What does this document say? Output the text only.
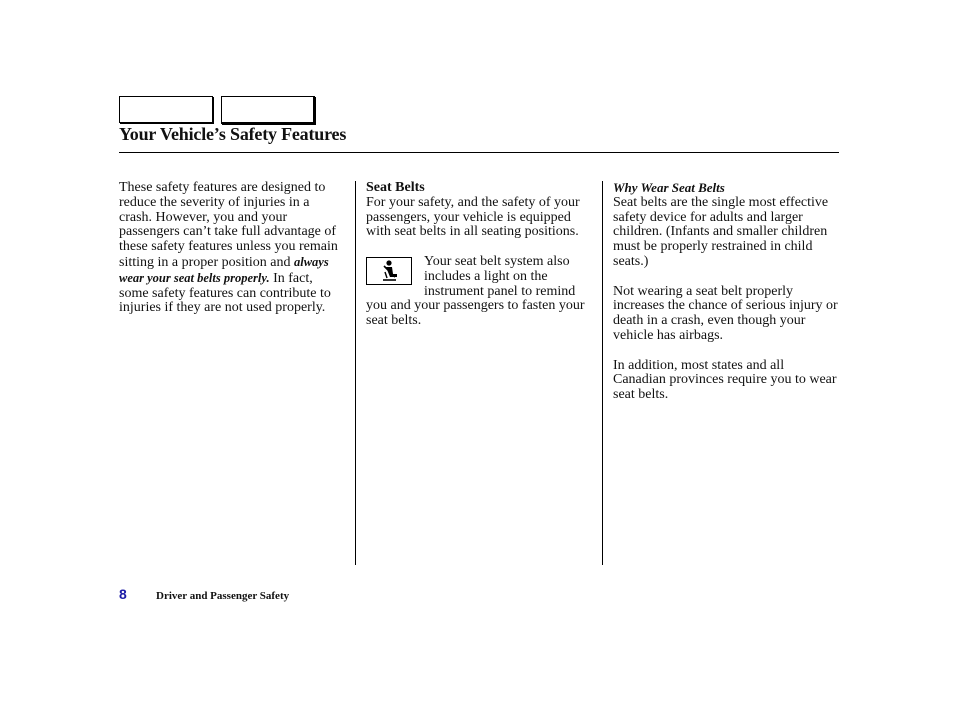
Your Vehicle’s Safety Features

These safety features are designed to reduce the severity of injuries in a crash. However, you and your passengers can’t take full advantage of these safety features unless you remain sitting in a proper position and always wear your seat belts properly. In fact, some safety features can contribute to injuries if they are not used properly.

Seat Belts

For your safety, and the safety of your passengers, your vehicle is equipped with seat belts in all seating positions.

Your seat belt system also includes a light on the instrument panel to remind you and your passengers to fasten your seat belts.

Why Wear Seat Belts

Seat belts are the single most effective safety device for adults and larger children. (Infants and smaller children must be properly restrained in child seats.)

Not wearing a seat belt properly increases the chance of serious injury or death in a crash, even though your vehicle has airbags.

In addition, most states and all Canadian provinces require you to wear seat belts.

8	Driver and Passenger Safety
